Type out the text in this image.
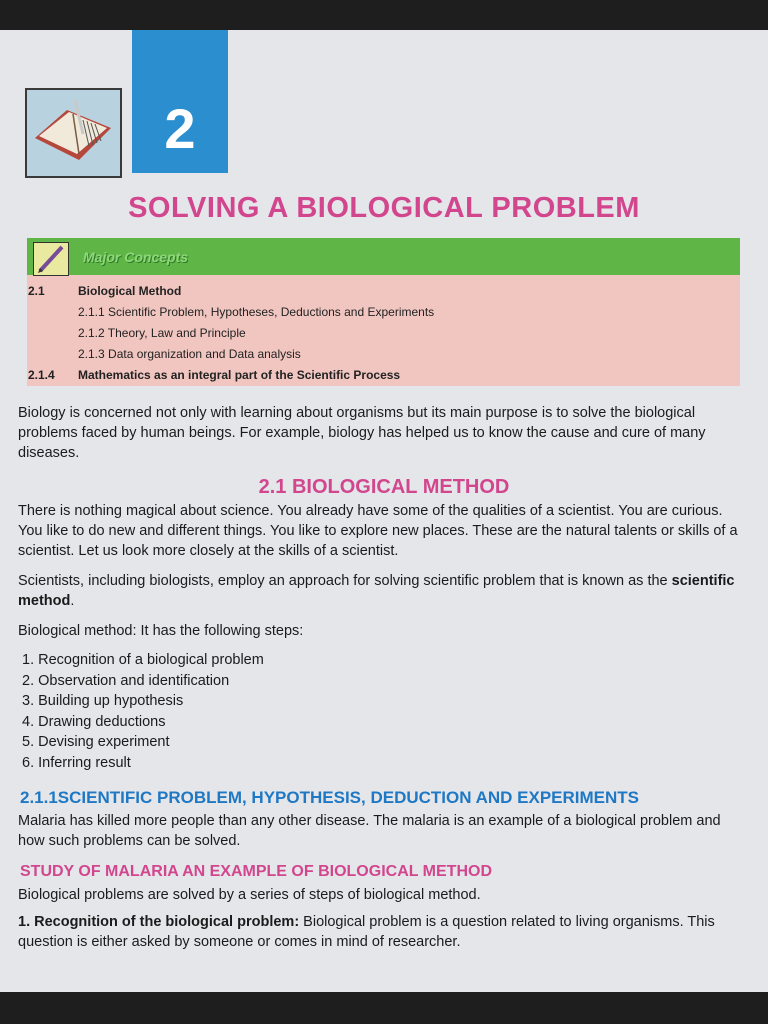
2
SOLVING A BIOLOGICAL PROBLEM
Major Concepts
2.1	Biological Method
2.1.1 Scientific Problem, Hypotheses, Deductions and Experiments
2.1.2 Theory, Law and Principle
2.1.3 Data organization and Data analysis
2.1.4 Mathematics as an integral part of the Scientific Process
Biology is concerned not only with learning about organisms but its main purpose is to solve the biological problems faced by human beings. For example, biology has helped us to know the cause and cure of many diseases.
2.1 BIOLOGICAL METHOD
There is nothing magical about science. You already have some of the qualities of a scientist. You are curious. You like to do new and different things. You like to explore new places. These are the natural talents or skills of a scientist. Let us look more closely at the skills of a scientist.
Scientists, including biologists, employ an approach for solving scientific problem that is known as the scientific method.
Biological method: It has the following steps:
1. Recognition of a biological problem
2. Observation and identification
3. Building up hypothesis
4. Drawing deductions
5. Devising experiment
6. Inferring result
2.1.1SCIENTIFIC PROBLEM, HYPOTHESIS, DEDUCTION AND EXPERIMENTS
Malaria has killed more people than any other disease. The malaria is an example of a biological problem and how such problems can be solved.
STUDY OF MALARIA AN EXAMPLE OF BIOLOGICAL METHOD
Biological problems are solved by a series of steps of biological method.
1. Recognition of the biological problem: Biological problem is a question related to living organisms. This question is either asked by someone or comes in mind of researcher.
